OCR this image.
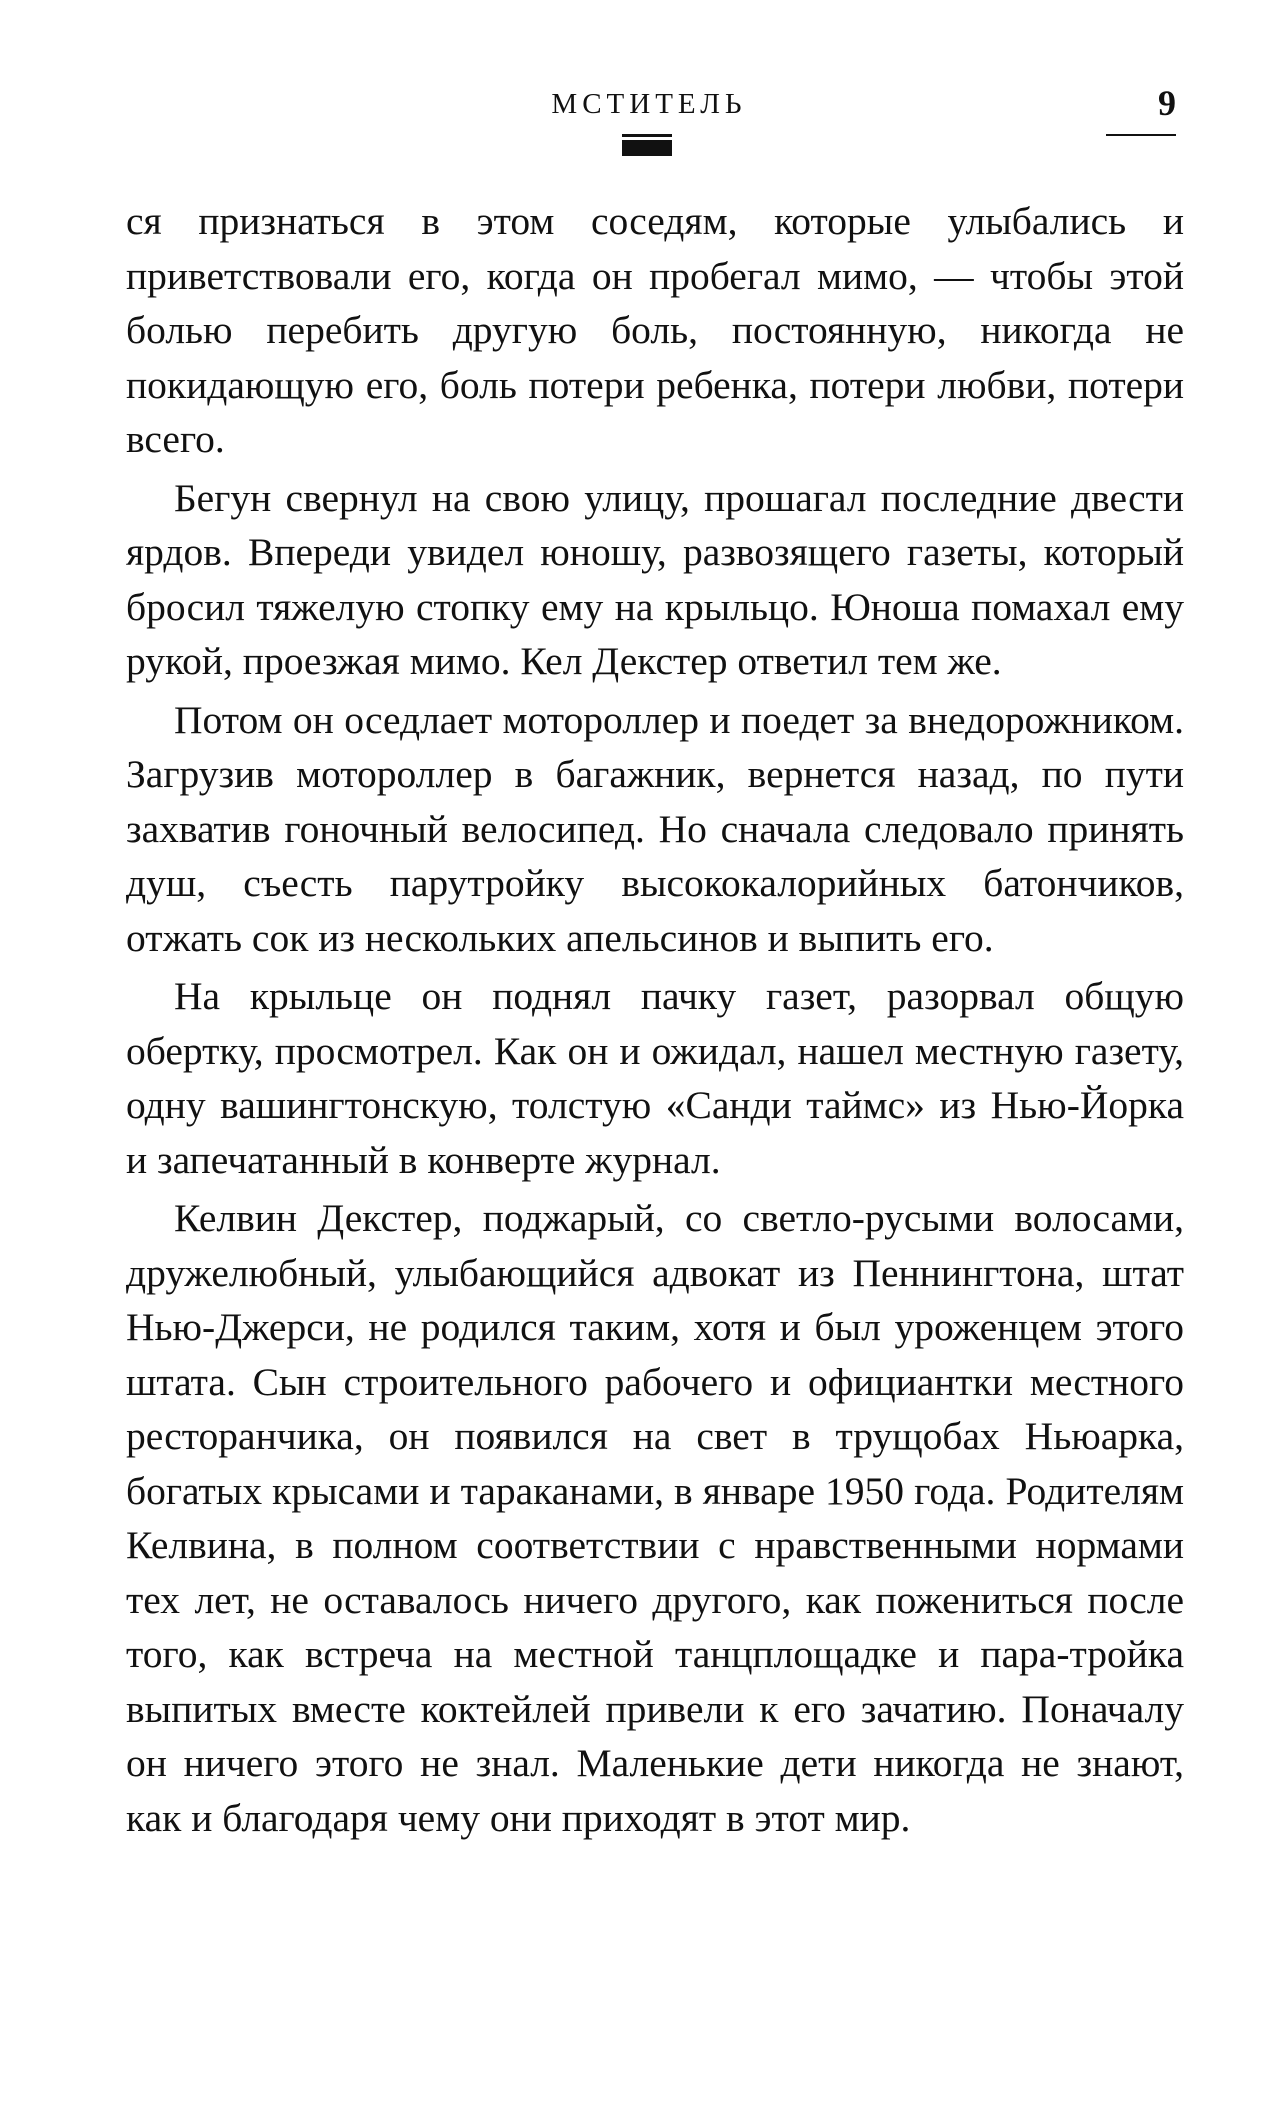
МСТИТЕЛЬ	9

ся признаться в этом соседям, которые улыбались и приветствовали его, когда он пробегал мимо, — чтобы этой болью перебить другую боль, постоянную, никогда не покидающую его, боль потери ребенка, потери любви, потери всего.

Бегун свернул на свою улицу, прошагал последние двести ярдов. Впереди увидел юношу, развозящего газеты, который бросил тяжелую стопку ему на крыльцо. Юноша помахал ему рукой, проезжая мимо. Кел Декстер ответил тем же.

Потом он оседлает мотороллер и поедет за внедорожником. Загрузив мотороллер в багажник, вернется назад, по пути захватив гоночный велосипед. Но сначала следовало принять душ, съесть парутройку высококалорийных батончиков, отжать сок из нескольких апельсинов и выпить его.

На крыльце он поднял пачку газет, разорвал общую обертку, просмотрел. Как он и ожидал, нашел местную газету, одну вашингтонскую, толстую «Санди таймс» из Нью-Йорка и запечатанный в конверте журнал.

Келвин Декстер, поджарый, со светло-русыми волосами, дружелюбный, улыбающийся адвокат из Пеннингтона, штат Нью-Джерси, не родился таким, хотя и был уроженцем этого штата. Сын строительного рабочего и официантки местного ресторанчика, он появился на свет в трущобах Ньюарка, богатых крысами и тараканами, в январе 1950 года. Родителям Келвина, в полном соответствии с нравственными нормами тех лет, не оставалось ничего другого, как пожениться после того, как встреча на местной танцплощадке и пара-тройка выпитых вместе коктейлей привели к его зачатию. Поначалу он ничего этого не знал. Маленькие дети никогда не знают, как и благодаря чему они приходят в этот мир.
